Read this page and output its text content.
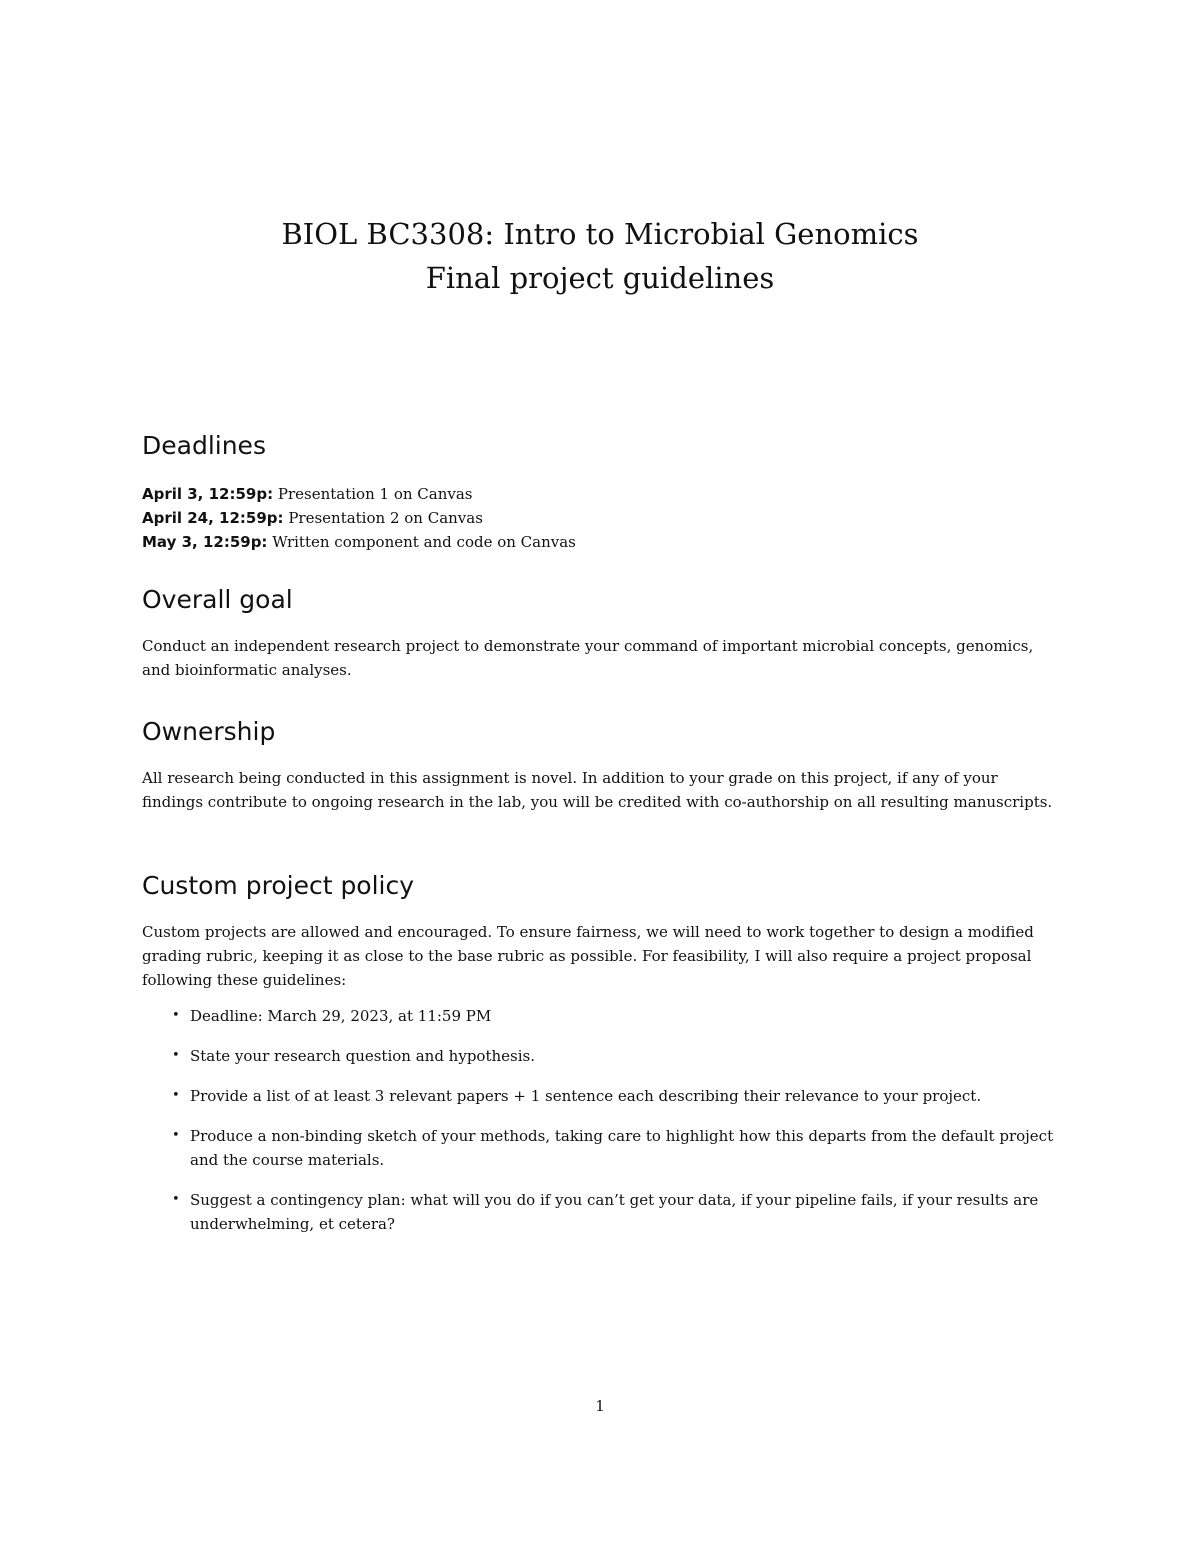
BIOL BC3308: Intro to Microbial Genomics
Final project guidelines
Deadlines
April 3, 12:59p: Presentation 1 on Canvas
April 24, 12:59p: Presentation 2 on Canvas
May 3, 12:59p: Written component and code on Canvas
Overall goal

Conduct an independent research project to demonstrate your command of important microbial concepts, genomics, and bioinformatic analyses.

Ownership

All research being conducted in this assignment is novel. In addition to your grade on this project, if any of your findings contribute to ongoing research in the lab, you will be credited with co-authorship on all resulting manuscripts.

Custom project policy

Custom projects are allowed and encouraged. To ensure fairness, we will need to work together to design a modified grading rubric, keeping it as close to the base rubric as possible. For feasibility, I will also require a project proposal following these guidelines:

• Deadline: March 29, 2023, at 11:59 PM
• State your research question and hypothesis.
• Provide a list of at least 3 relevant papers + 1 sentence each describing their relevance to your project.
• Produce a non-binding sketch of your methods, taking care to highlight how this departs from the default project and the course materials.
• Suggest a contingency plan: what will you do if you can’t get your data, if your pipeline fails, if your results are underwhelming, et cetera?
1
